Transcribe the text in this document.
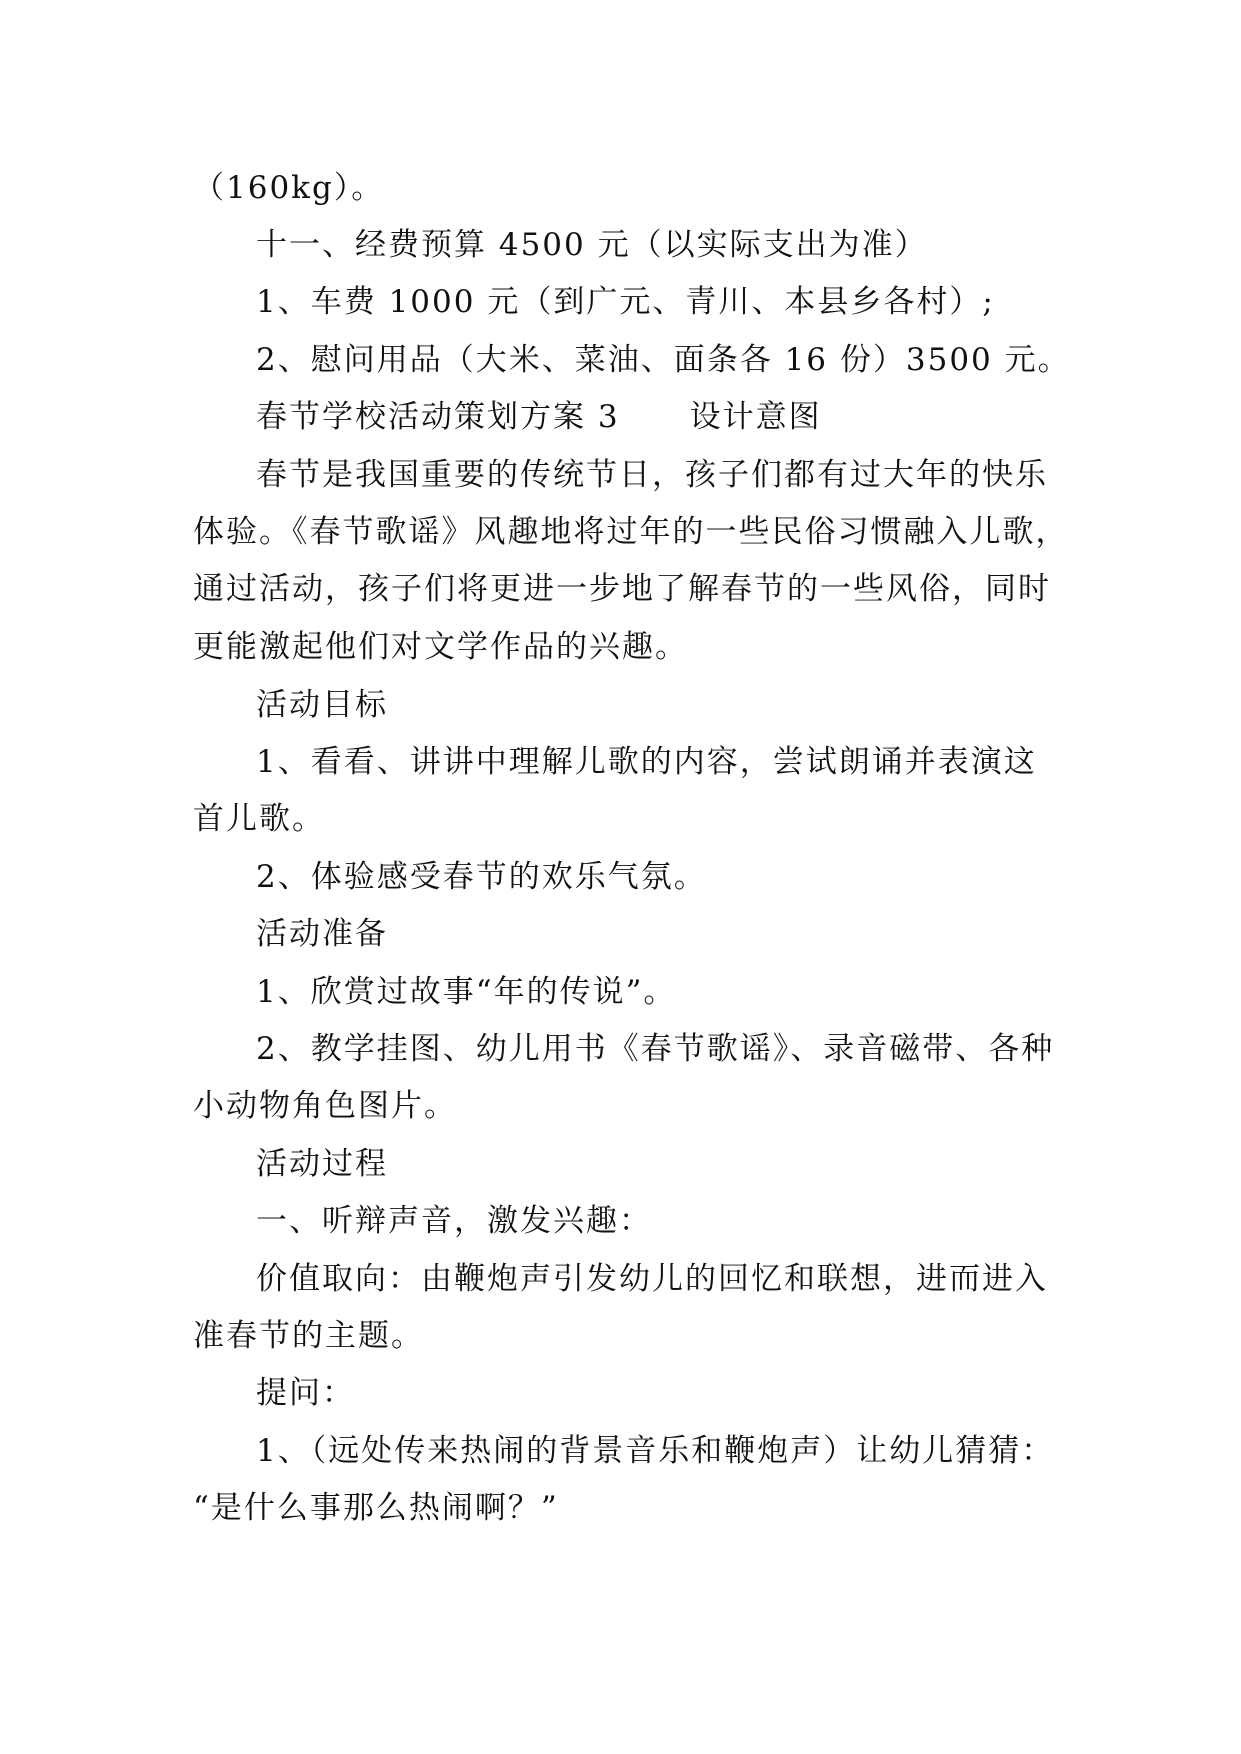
（160kg）。
十一、经费预算 4500 元（以实际支出为准）
1、车费 1000 元（到广元、青川、本县乡各村）;
2、慰问用品（大米、菜油、面条各 16 份）3500 元。
春节学校活动策划方案 3 设计意图
春节是我国重要的传统节日，孩子们都有过大年的快乐
体验。《春节歌谣》风趣地将过年的一些民俗习惯融入儿歌，
通过活动，孩子们将更进一步地了解春节的一些风俗，同时
更能激起他们对文学作品的兴趣。
活动目标
1、看看、讲讲中理解儿歌的内容，尝试朗诵并表演这
首儿歌。
2、体验感受春节的欢乐气氛。
活动准备
1、欣赏过故事“年的传说”。
2、教学挂图、幼儿用书《春节歌谣》、录音磁带、各种
小动物角色图片。
活动过程
一、听辩声音，激发兴趣：
价值取向：由鞭炮声引发幼儿的回忆和联想，进而进入
准春节的主题。
提问：
1、（远处传来热闹的背景音乐和鞭炮声）让幼儿猜猜：
“是什么事那么热闹啊？”
